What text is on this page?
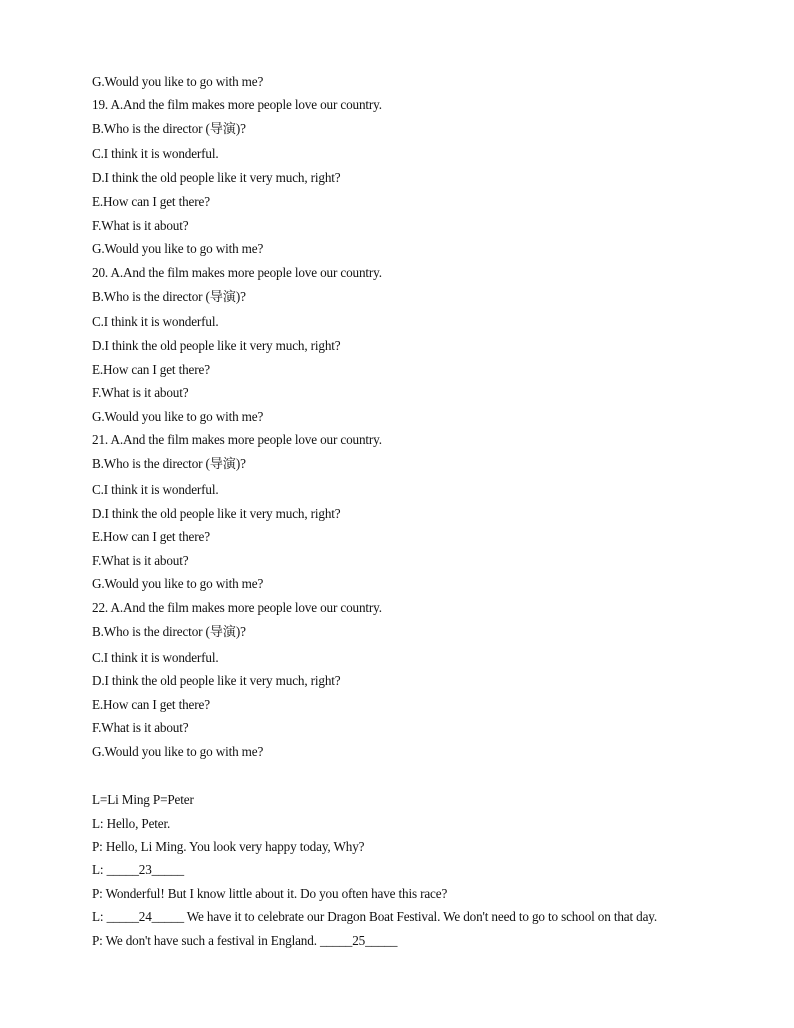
G.Would you like to go with me?
19. A.And the film makes more people love our country.
B.Who is the director (导演)?
C.I think it is wonderful.
D.I think the old people like it very much, right?
E.How can I get there?
F.What is it about?
G.Would you like to go with me?
20. A.And the film makes more people love our country.
B.Who is the director (导演)?
C.I think it is wonderful.
D.I think the old people like it very much, right?
E.How can I get there?
F.What is it about?
G.Would you like to go with me?
21. A.And the film makes more people love our country.
B.Who is the director (导演)?
C.I think it is wonderful.
D.I think the old people like it very much, right?
E.How can I get there?
F.What is it about?
G.Would you like to go with me?
22. A.And the film makes more people love our country.
B.Who is the director (导演)?
C.I think it is wonderful.
D.I think the old people like it very much, right?
E.How can I get there?
F.What is it about?
G.Would you like to go with me?
L=Li Ming P=Peter
L: Hello, Peter.
P: Hello, Li Ming. You look very happy today, Why?
L: _____23_____
P: Wonderful! But I know little about it. Do you often have this race?
L: _____24_____ We have it to celebrate our Dragon Boat Festival. We don't need to go to school on that day.
P: We don't have such a festival in England. _____25_____
